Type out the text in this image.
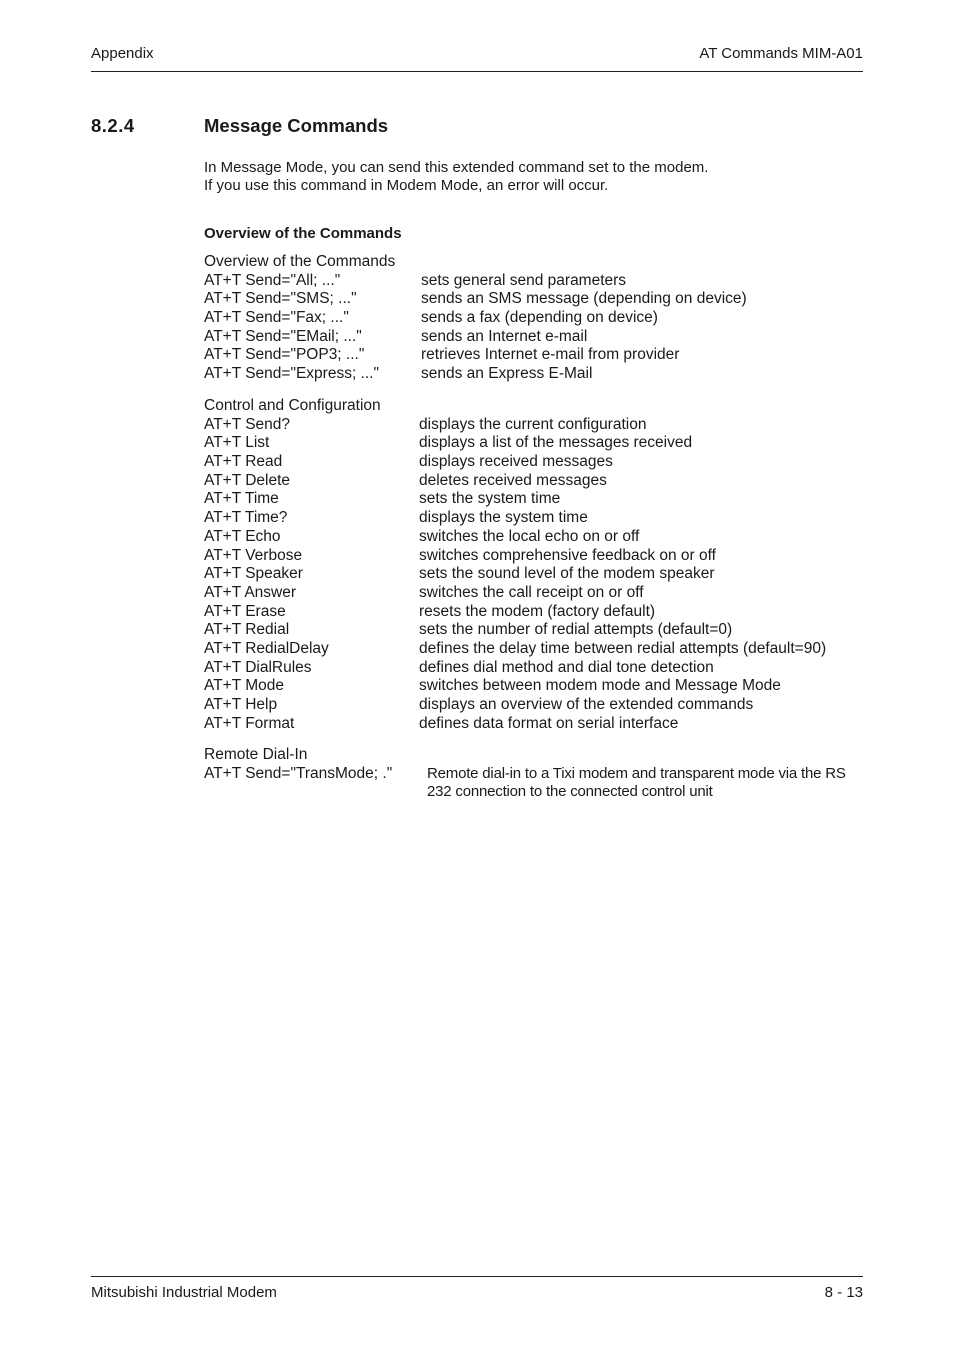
Appendix	AT Commands MIM-A01
8.2.4	Message Commands
In Message Mode, you can send this extended command set to the modem.
If you use this command in Modem Mode, an error will occur.
Overview of the Commands
Overview of the Commands
AT+T Send="All; ..."	sets general send parameters
AT+T Send="SMS; ..."	sends an SMS message (depending on device)
AT+T Send="Fax; ..."	sends a fax (depending on device)
AT+T Send="EMail; ..."	sends an Internet e-mail
AT+T Send="POP3; ..."	retrieves Internet e-mail from provider
AT+T Send="Express; ..."	sends an Express E-Mail
Control and Configuration
AT+T Send?	displays the current configuration
AT+T List	displays a list of the messages received
AT+T Read	displays received messages
AT+T Delete	deletes received messages
AT+T Time	sets the system time
AT+T Time?	displays the system time
AT+T Echo	switches the local echo on or off
AT+T Verbose	switches comprehensive feedback on or off
AT+T Speaker	sets the sound level of the modem speaker
AT+T Answer	switches the call receipt on or off
AT+T Erase	resets the modem (factory default)
AT+T Redial	sets the number of redial attempts (default=0)
AT+T RedialDelay	defines the delay time between redial attempts (default=90)
AT+T DialRules	defines dial method and dial tone detection
AT+T Mode	switches between modem mode and Message Mode
AT+T Help	displays an overview of the extended commands
AT+T Format	defines data format on serial interface
Remote Dial-In
AT+T Send="TransMode; ." Remote dial-in to a Tixi modem and transparent mode via the RS 232 connection to the connected control unit
Mitsubishi Industrial Modem	8 - 13
